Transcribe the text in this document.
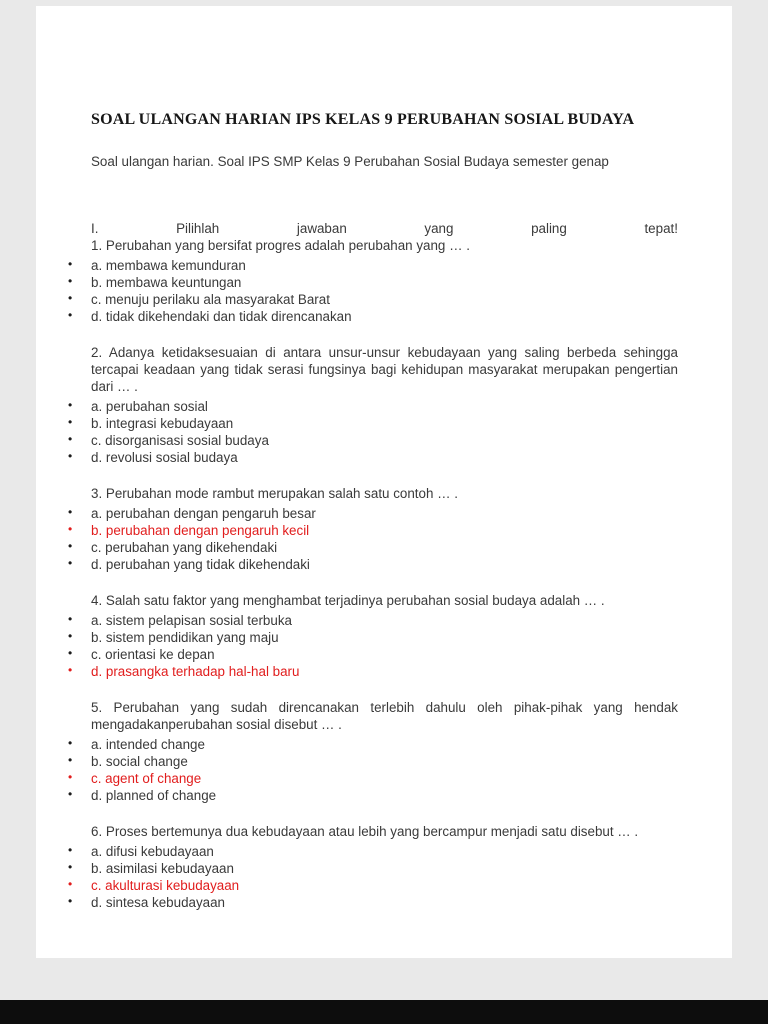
SOAL ULANGAN HARIAN IPS KELAS 9 PERUBAHAN SOSIAL BUDAYA

Soal ulangan harian. Soal IPS SMP Kelas 9 Perubahan Sosial Budaya semester genap

I.	Pilihlah	jawaban	yang	paling	tepat!

1. Perubahan yang bersifat progres adalah perubahan yang … .

• a. membawa kemunduran
• b. membawa keuntungan
• c. menuju perilaku ala masyarakat Barat
• d. tidak dikehendaki dan tidak direncanakan

2. Adanya ketidaksesuaian di antara unsur-unsur kebudayaan yang saling berbeda sehingga tercapai keadaan yang tidak serasi fungsinya bagi kehidupan masyarakat merupakan pengertian dari … .

• a. perubahan sosial
• b. integrasi kebudayaan
• c. disorganisasi sosial budaya
• d. revolusi sosial budaya

3. Perubahan mode rambut merupakan salah satu contoh … .

• a. perubahan dengan pengaruh besar
• b. perubahan dengan pengaruh kecil
• c. perubahan yang dikehendaki
• d. perubahan yang tidak dikehendaki

4. Salah satu faktor yang menghambat terjadinya perubahan sosial budaya adalah … .

• a. sistem pelapisan sosial terbuka
• b. sistem pendidikan yang maju
• c. orientasi ke depan
• d. prasangka terhadap hal-hal baru

5. Perubahan yang sudah direncanakan terlebih dahulu oleh pihak-pihak yang hendak mengadakanperubahan sosial disebut … .

• a. intended change
• b. social change
• c. agent of change
• d. planned of change

6. Proses bertemunya dua kebudayaan atau lebih yang bercampur menjadi satu disebut … .

• a. difusi kebudayaan
• b. asimilasi kebudayaan
• c. akulturasi kebudayaan
• d. sintesa kebudayaan
